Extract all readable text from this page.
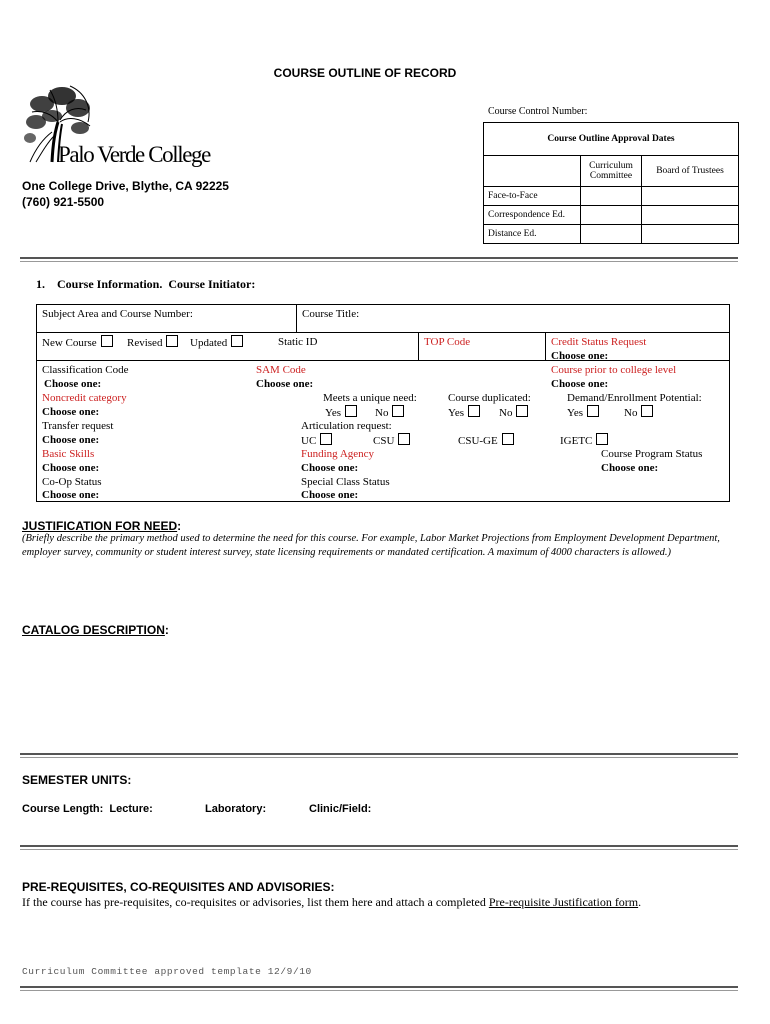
COURSE OUTLINE OF RECORD
Palo Verde College
One College Drive, Blythe, CA 92225
(760) 921-5500
Course Control Number:
Course Outline Approval Dates		
	Curriculum Committee	Board of Trustees
Face-to-Face		
Correspondence Ed.		
Distance Ed.		
1.    Course Information.  Course Initiator:
Subject Area and Course Number:	Course Title:
New Course	Revised	Updated	Static ID	TOP Code	Credit Status Request
Choose one:
Classification Code
Choose one:
SAM Code
Choose one:
Course prior to college level
Choose one:
Noncredit category
Choose one:
Meets a unique need:
Yes	No
Course duplicated:
Yes	No
Demand/Enrollment Potential:
Yes	No
Transfer request
Choose one:
Articulation request:
UC	CSU	CSU-GE	IGETC
Basic Skills
Choose one:
Funding Agency
Choose one:
Course Program Status
Choose one:
Co-Op Status
Choose one:
Special Class Status
Choose one:
JUSTIFICATION FOR NEED:
(Briefly describe the primary method used to determine the need for this course. For example, Labor Market Projections from Employment Development Department, employer survey, community or student interest survey, state licensing requirements or mandated certification. A maximum of 4000 characters is allowed.)
CATALOG DESCRIPTION:
SEMESTER UNITS:
Course Length:  Lecture:	Laboratory:	Clinic/Field:
PRE-REQUISITES, CO-REQUISITES AND ADVISORIES:
If the course has pre-requisites, co-requisites or advisories, list them here and attach a completed Pre-requisite Justification form.
Curriculum Committee approved template 12/9/10
